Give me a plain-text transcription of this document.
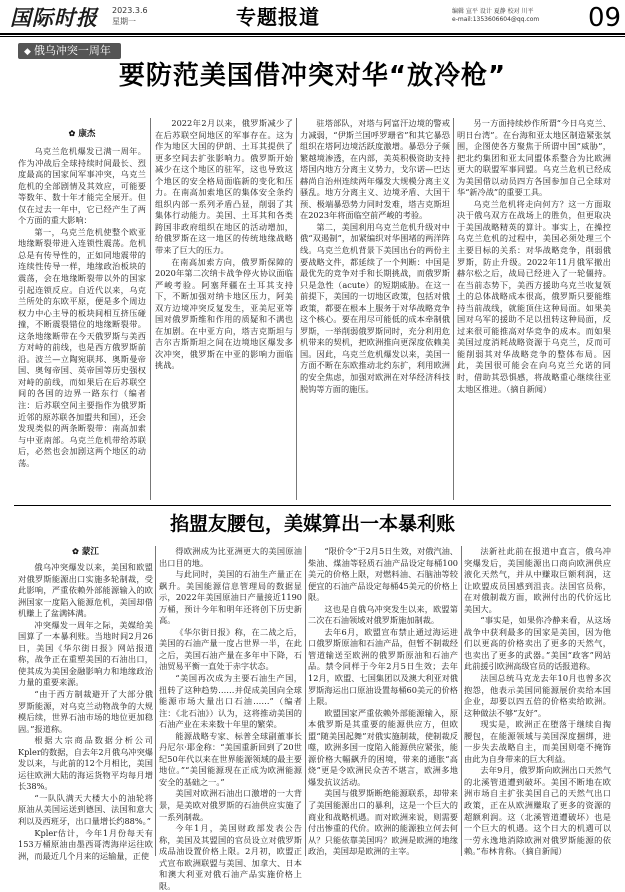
国际时报	2023.3.6
星期一	专题报道	编辑 宣平 设计 夏静 校对 川平
e-mail:1353606604@qq.com	09
◆ 俄乌冲突一周年
要防范美国借冲突对华“放冷枪”
✿ 康杰

乌克兰危机爆发已满一周年。作为冲战后全球持续时间最长、烈度最高的国家间军事冲突，乌克兰危机的全部剧情及其效应，可能要等数年、数十年才能完全展开。但仅在过去一年中，它已经产生了两个方面的重大影响：

第一，乌克兰危机使整个欧亚地缘断裂带进入连锁性震荡。危机总是有传导性的，正如同地震带的连续性传导一样，地缘政治板块的震荡，会在地缘断裂带以外的国家引起连锁反应。自近代以来，乌克兰所处的东欧平原，便是多个周边权力中心主导的板块间相互挤压碰撞，不断震裂错位的地缘断裂带。这条地缘断带在今天俄罗斯与美西方对峙的前线，也是西方俄罗斯前沿。波兰—立陶宛联邦、奥斯曼帝国、奥匈帝国、英帝国等历史强权对峙的前线，而如果后在后苏联空间的各国的边界一路东行（编者注：后苏联空间主要指作为俄罗斯近邻的原苏联各加盟共和国），还会发现类似的两条断裂带：南高加索与中亚南部。乌克兰危机带给苏联后，必然也会加剧这两个地区的动荡。

2022年2月以来，俄罗斯减少了在后苏联空间地区的军事存在。这为作为地区大国的伊朗、土耳其提供了更多空间去扩张影响力。俄罗斯开始减少在这个地区的驻军，这也导致这个地区的安全格局面临新的变化和压力。在南高加索地区的集体安全条约组织内部一系列矛盾凸显，削弱了其集体行动能力。美国、土耳其和各类跨国非政府组织在地区的活动增加，给俄罗斯在这一地区的传统地缘战略带来了巨大的压力。

在南高加索方向，俄罗斯保障的2020年第二次纳卡战争停火协议面临严峻考验。阿塞拜疆在土耳其支持下，不断加强对纳卡地区压力，阿美双方边境冲突反复发生，亚美尼亚等国对俄罗斯维和作用的质疑和不满也在加剧。在中亚方向，塔吉克斯坦与吉尔吉斯斯坦之间在边境地区爆发多次冲突，俄罗斯在中亚的影响力面临挑战。

驻塔部队，对塔与阿富汗边境的警戒力减弱，“伊斯兰国呼罗珊省”和其它暴恐组织在塔阿边境活跃度激增。暴恐分子频繁越境渗透，在内部，美英积极资助支持塔国内地方分离主义势力，戈尔诺—巴达赫尚自治州连续两年爆发大规模分离主义骚乱。地方分离主义、边境矛盾、大国干预、极端暴恐势力同时发难，塔吉克斯坦在2023年将面临空前严峻的考验。

第二，美国利用乌克兰危机升级对中俄“双遏制”，加紧编织对华围堵的两洋阵线。乌克兰危机背景下美国出台的两份主要战略文件，都延续了一个判断：中国是最优先的竞争对手和长期挑战，而俄罗斯只是急性（acute）的短期威胁。在这一前提下，美国的一切地区政策，包括对俄政策，都要在根本上服务于对华战略竞争这个核心。要在用尽可能低的成本牵制俄罗斯，一举削弱俄罗斯同时，充分利用危机带来的契机，把欧洲推向更深度依赖美国。因此，乌克兰危机爆发以来，美国一方面不断在东欧推动北约东扩，利用欧洲的安全焦虑，加强对欧洲在对华经济科技脱钩等方面的施压。

另一方面持续炒作所谓“今日乌克兰、明日台湾”。在台海和亚太地区制造紧张氛围，企图使各方聚焦于所谓中国“威胁”，把北约集团和亚太同盟体系整合为比欧洲更大的联盟军事同盟。乌克兰危机已经成为美国借以动员四方各国参加自己全球对华“新冷战”的重要工具。

乌克兰危机将走向何方？这一方面取决于俄乌双方在战场上的胜负，但更取决于美国战略精英的算计。事实上，在操控乌克兰危机的过程中，美国必须处理三个主要目标的关系：对华战略竞争，削弱俄罗斯，防止升级。2022年11月俄军撤出赫尔松之后，战局已经进入了一轮僵持。在当前态势下，美西方援助乌克兰收复领土的总体战略成本很高，俄罗斯只要能维持当前战线，就能顶住这种局面。如果美国对乌军的援助不足以扭转这种局面，反过来很可能推高对华竞争的成本。而如果美国过度消耗战略资源于乌克兰，反而可能削弱其对华战略竞争的整体布局。因此，美国很可能会在向乌克兰允诺的同时，借助其恐惧感，将战略重心继续往亚太地区推进。（摘自新闻）

掐盟友腰包，美媒算出一本暴利账
✿ 蒙江

俄乌冲突爆发以来，美国和欧盟对俄罗斯能源出口实施多轮制裁，受此影响，严重依赖外部能源输入的欧洲国家一度陷入能源危机，美国却借机赚上了盆满钵满。

冲突爆发一周年之际，美媒给美国算了一本暴利账。当地时间2月26日，美国《华尔街日报》网站报道称，战争正在重塑美国的石油出口，使其成为美国金融影响力和地缘政治力量的重要来源。

“由于西方制裁避开了大部分俄罗斯能源，对乌克兰动物战争的大规模后续，世界石油市场的地位更加稳固。”报道称。

根据大宗商品数据分析公司Kpler的数据，自去年2月俄乌冲突爆发以来，与此前的12个月相比，美国运往欧洲大陆的海运货物平均每月增长38%。

“一队队满天大楼大小的油轮将原油从美国运送到德国、法国和意大利以及西班牙，出口量增长约88%。”

Kpler估计，今年1月份每天有153万桶原油由墨西哥湾海岸运往欧洲，而最近几个月来的运输量，正使

得欧洲成为比亚洲更大的美国原油出口目的地。

与此同时，美国的石油生产量正在飙升。美国能源信息管理局的数据显示，2022年美国原油日产量接近1190万桶，预计今年和明年还将创下历史新高。

《华尔街日报》称，在二战之后，美国的石油产量一度占世界一半，在此之后，美国石油产量在多年中下降，石油贸易平衡一直处于赤字状态。

“美国再次成为主要石油生产国，扭转了这种趋势……并促成美国向全球能源市场大量出口石油……”（编者注：《北石油》）认为，这将推动美国的石油产业在未来数十年里的繁荣。

能源战略专家、标普全球副董事长丹尼尔·耶金称：“美国重新回到了20世纪50年代以来在世界能源领域的最主要地位。”“美国能源现在正成为欧洲能源安全的基础之一。”

美国对欧洲石油出口激增的一大背景，是美欧对俄罗斯的石油供应实施了一系列制裁。

今年1月，美国财政部发表公告称，美国及其盟国的官员设立对俄罗斯成品油设置价格上限。2月初，欧盟正式宣布欧洲联盟与美国、加拿大、日本和澳大利亚对俄石油产品实施价格上限。

“限价令”于2月5日生效，对俄汽油、柴油、煤油等轻质石油产品设定每桶100美元的价格上限，对燃料油、石脑油等较便宜的石油产品设定每桶45美元的价格上限。

这也是自俄乌冲突发生以来，欧盟第二次在石油领域对俄罗斯施加制裁。

去年6月，欧盟宣布禁止通过海运进口俄罗斯原油和石油产品，但暂不制裁经管道输送至欧洲的俄罗斯原油和石油产品。禁令同样于今年2月5日生效；去年12月，欧盟、七国集团以及澳大利亚对俄罗斯海运出口原油设置每桶60美元的价格上限。

欧盟国家严重依赖外部能源输入，原本俄罗斯是其重要的能源供应方，但欧盟“随美国起舞”对俄实施制裁，使制裁反噬，欧洲多国一度陷入能源供应紧张，能源价格大幅飙升的困境，带来的通胀“高烧”更是令欧洲民众苦不堪言，欧洲多地爆发抗议活动。

美国与俄罗斯断绝能源联系，却带来了美国能源出口的暴利，这是一个巨大的商业和战略机遇。而对欧洲来说，则需要付出惨重的代价。欧洲的能源独立何去何从？只能依靠美国吗？欧洲是欧洲的地缘政治，美国却是欧洲的主宰。

法新社此前在报道中直言，俄乌冲突爆发后，美国能源出口商向欧洲供应液化天然气，并从中赚取巨额利润，这让欧盟成员国感到沮丧。法国官员称，在对俄制裁方面，欧洲付出的代价远比美国大。

“事实是，如果你冷静来看，从这场战争中获利最多的国家是美国，因为他们以更高的价格卖出了更多的天然气，也卖出了更多的武器。”美国“政客”网站此前援引欧洲高级官员的话报道称。

法国总统马克龙去年10月也曾多次抱怨，他表示美国同能源展价卖给本国企业，却要以四五倍的价格卖给欧洲。这种做法不够“友好”。

现实是，欧洲正在堕落于继续自掏腰包，在能源领域与美国深度捆绑，进一步失去战略自主，而美国则毫不掩饰由此为自身带来的巨大利益。

去年9月，俄罗斯向欧洲出口天然气的北溪管道遭到破坏。美国不断地在欧洲市场自主扩张美国自己的天然气出口政策，正在从欧洲赚取了更多的资源的超额利润。这（北溪管道遭破坏）也是一个巨大的机遇。这个日大的机遇可以一劳永逸地消除欧洲对俄罗斯能源的依赖。”布林肯称。（摘自新闻）
